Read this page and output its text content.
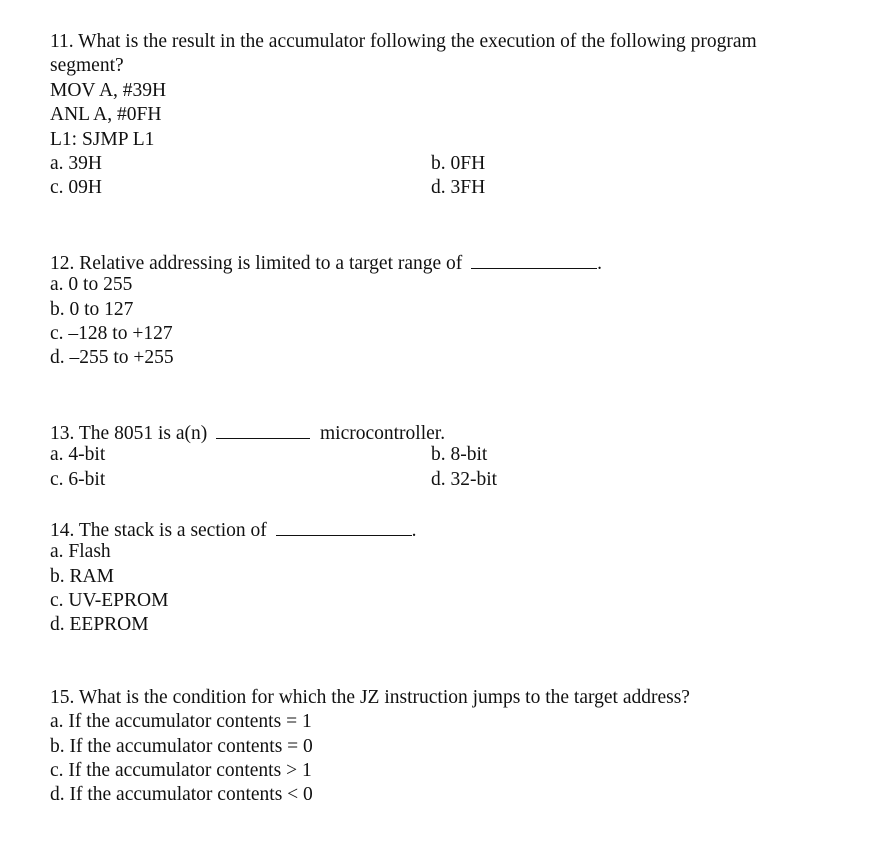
11. What is the result in the accumulator following the execution of the following program segment?
MOV A, #39H
ANL A, #0FH
L1: SJMP L1
a. 39H	b. 0FH
c. 09H	d. 3FH
12. Relative addressing is limited to a target range of	.
a. 0 to 255
b. 0 to 127
c. –128 to +127
d. –255 to +255
13. The 8051 is a(n)	microcontroller.
a. 4-bit	b. 8-bit
c. 6-bit	d. 32-bit
14. The stack is a section of	.
a. Flash
b. RAM
c. UV-EPROM
d. EEPROM
15. What is the condition for which the JZ instruction jumps to the target address?
a. If the accumulator contents = 1
b. If the accumulator contents = 0
c. If the accumulator contents > 1
d. If the accumulator contents < 0
